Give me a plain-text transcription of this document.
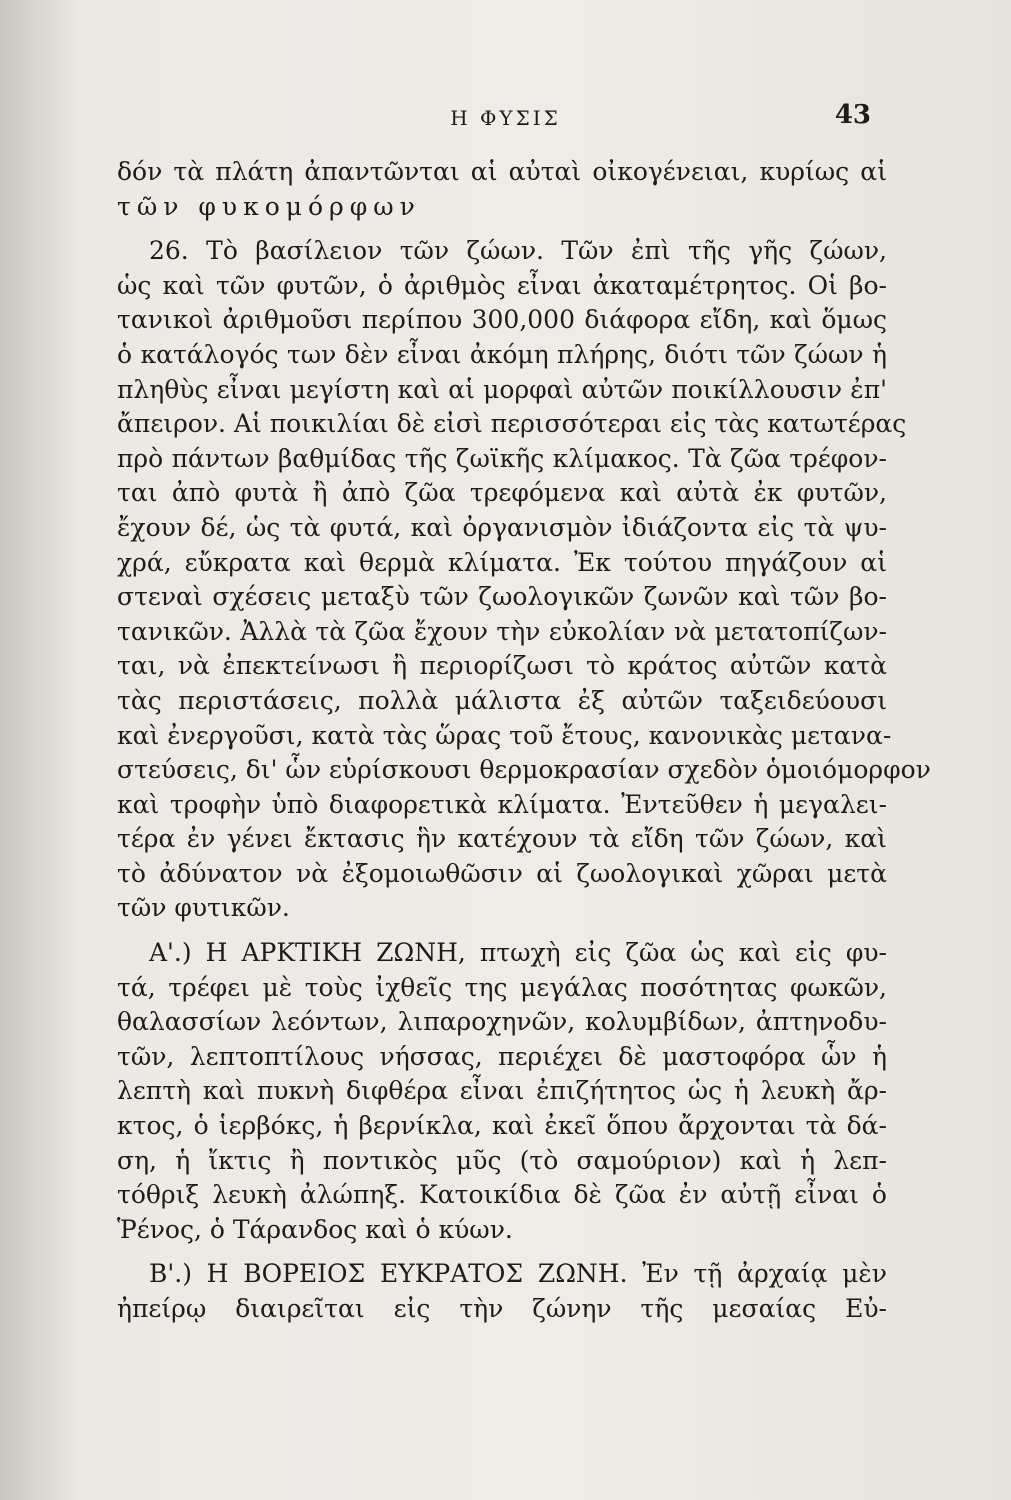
Η ΦΥΣΙΣ	43
δόν τὰ πλάτη ἀπαντῶνται αἱ αὐταὶ οἰκογένειαι, κυρίως αἱ
τῶν φυκομόρφων
26. Τὸ βασίλειον τῶν ζώων. Τῶν ἐπὶ τῆς γῆς ζώων,
ὡς καὶ τῶν φυτῶν, ὁ ἀριθμὸς εἶναι ἀκαταμέτρητος. Οἱ βο-
τανικοὶ ἀριθμοῦσι περίπου 300,000 διάφορα εἴδη, καὶ ὅμως
ὁ κατάλογός των δὲν εἶναι ἀκόμη πλήρης, διότι τῶν ζώων ἡ
πληθὺς εἶναι μεγίστη καὶ αἱ μορφαὶ αὐτῶν ποικίλλουσιν ἐπ'
ἄπειρον. Αἱ ποικιλίαι δὲ εἰσὶ περισσότεραι εἰς τὰς κατωτέρας
πρὸ πάντων βαθμίδας τῆς ζωϊκῆς κλίμακος. Τὰ ζῶα τρέφον-
ται ἀπὸ φυτὰ ἢ ἀπὸ ζῶα τρεφόμενα καὶ αὐτὰ ἐκ φυτῶν,
ἔχουν δέ, ὡς τὰ φυτά, καὶ ὀργανισμὸν ἰδιάζοντα εἰς τὰ ψυ-
χρά, εὔκρατα καὶ θερμὰ κλίματα. Ἐκ τούτου πηγάζουν αἱ
στεναὶ σχέσεις μεταξὺ τῶν ζωολογικῶν ζωνῶν καὶ τῶν βο-
τανικῶν. Ἀλλὰ τὰ ζῶα ἔχουν τὴν εὐκολίαν νὰ μετατοπίζων-
ται, νὰ ἐπεκτείνωσι ἢ περιορίζωσι τὸ κράτος αὐτῶν κατὰ
τὰς περιστάσεις, πολλὰ μάλιστα ἐξ αὐτῶν ταξειδεύουσι
καὶ ἐνεργοῦσι, κατὰ τὰς ὥρας τοῦ ἔτους, κανονικὰς μετανα-
στεύσεις, δι' ὧν εὑρίσκουσι θερμοκρασίαν σχεδὸν ὁμοιόμορφον
καὶ τροφὴν ὑπὸ διαφορετικὰ κλίματα. Ἐντεῦθεν ἡ μεγαλει-
τέρα ἐν γένει ἔκτασις ἣν κατέχουν τὰ εἴδη τῶν ζώων, καὶ
τὸ ἀδύνατον νὰ ἐξομοιωθῶσιν αἱ ζωολογικαὶ χῶραι μετὰ
τῶν φυτικῶν.
Α'.) Η ΑΡΚΤΙΚΗ ΖΩΝΗ, πτωχὴ εἰς ζῶα ὡς καὶ εἰς φυ-
τά, τρέφει μὲ τοὺς ἰχθεῖς της μεγάλας ποσότητας φωκῶν,
θαλασσίων λεόντων, λιπαροχηνῶν, κολυμβίδων, ἀπτηνοδυ-
τῶν, λεπτοπτίλους νήσσας, περιέχει δὲ μαστοφόρα ὧν ἡ
λεπτὴ καὶ πυκνὴ διφθέρα εἶναι ἐπιζήτητος ὡς ἡ λευκὴ ἄρ-
κτος, ὁ ἱερβόκς, ἡ βερνίκλα, καὶ ἐκεῖ ὅπου ἄρχονται τὰ δά-
ση, ἡ ἴκτις ἢ ποντικὸς μῦς (τὸ σαμούριον) καὶ ἡ λεπ-
τόθριξ λευκὴ ἀλώπηξ. Κατοικίδια δὲ ζῶα ἐν αὐτῇ εἶναι ὁ
Ῥένος, ὁ Τάρανδος καὶ ὁ κύων.
Β'.) Η ΒΟΡΕΙΟΣ ΕΥΚΡΑΤΟΣ ΖΩΝΗ. Ἐν τῇ ἀρχαίᾳ μὲν
ἠπείρῳ διαιρεῖται εἰς τὴν ζώνην τῆς μεσαίας Εὐ-
